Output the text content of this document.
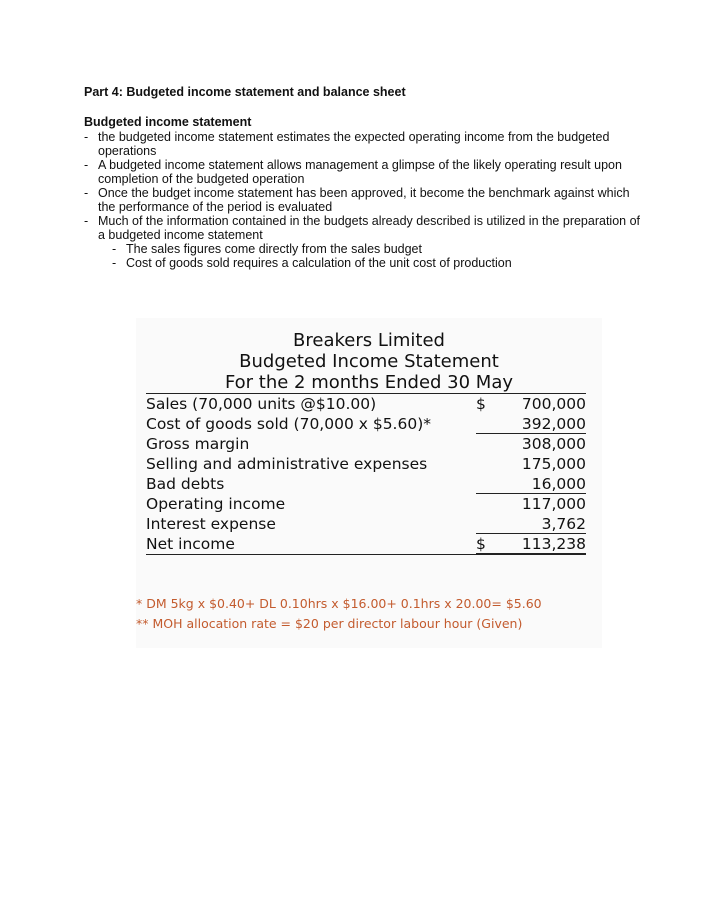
Part 4: Budgeted income statement and balance sheet

Budgeted income statement

- the budgeted income statement estimates the expected operating income from the budgeted operations
- A budgeted income statement allows management a glimpse of the likely operating result upon completion of the budgeted operation
- Once the budget income statement has been approved, it become the benchmark against which the performance of the period is evaluated
- Much of the information contained in the budgets already described is utilized in the preparation of a budgeted income statement
- The sales figures come directly from the sales budget
- Cost of goods sold requires a calculation of the unit cost of production
Breakers Limited
Budgeted Income Statement
For the 2 months Ended 30 May
Sales (70,000 units @$10.00)	$ 700,000
Cost of goods sold (70,000 x $5.60)*	392,000
Gross margin	308,000
Selling and administrative expenses	175,000
Bad debts	16,000
Operating income	117,000
Interest expense	3,762
Net income	$ 113,238
* DM 5kg x $0.40+ DL 0.10hrs x $16.00+ 0.1hrs x 20.00= $5.60
** MOH allocation rate = $20 per director labour hour (Given)
